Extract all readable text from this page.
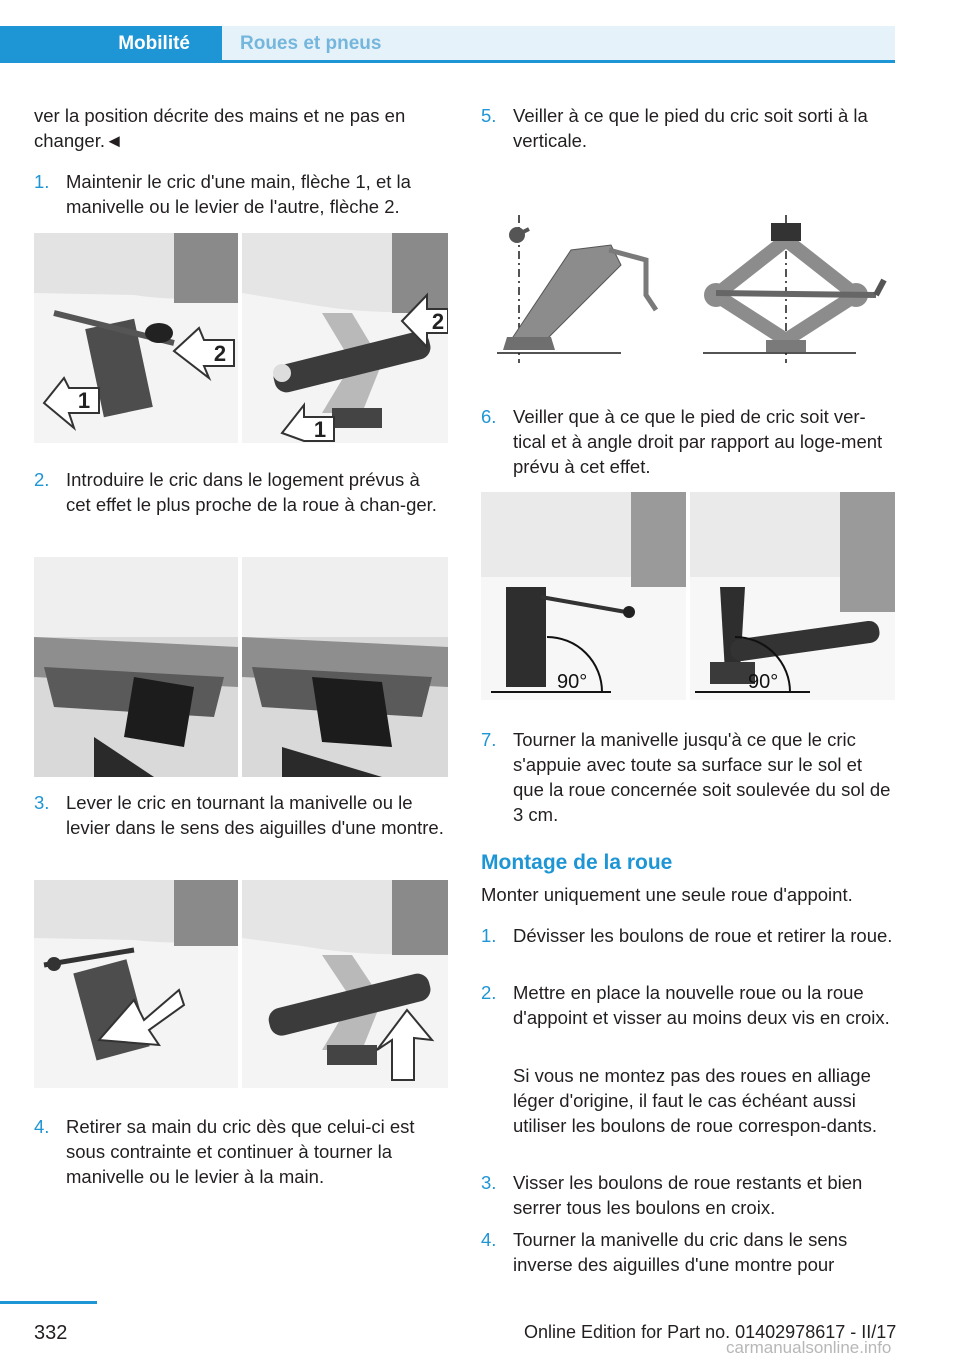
Mobilité	Roues et pneus
ver la position décrite des mains et ne pas en changer.◄
1. Maintenir le cric d'une main, flèche 1, et la manivelle ou le levier de l'autre, flèche 2.
2
1
2
1
2. Introduire le cric dans le logement prévus à cet effet le plus proche de la roue à chan-ger.
3. Lever le cric en tournant la manivelle ou le levier dans le sens des aiguilles d'une montre.
4. Retirer sa main du cric dès que celui-ci est sous contrainte et continuer à tourner la manivelle ou le levier à la main.
5. Veiller à ce que le pied du cric soit sorti à la verticale.
6. Veiller que à ce que le pied de cric soit ver-tical et à angle droit par rapport au loge-ment prévu à cet effet.
90°	90°
7. Tourner la manivelle jusqu'à ce que le cric s'appuie avec toute sa surface sur le sol et que la roue concernée soit soulevée du sol de 3 cm.
Montage de la roue
Monter uniquement une seule roue d'appoint.
1. Dévisser les boulons de roue et retirer la roue.
2. Mettre en place la nouvelle roue ou la roue d'appoint et visser au moins deux vis en croix.
Si vous ne montez pas des roues en alliage léger d'origine, il faut le cas échéant aussi utiliser les boulons de roue correspon-dants.
3. Visser les boulons de roue restants et bien serrer tous les boulons en croix.
4. Tourner la manivelle du cric dans le sens inverse des aiguilles d'une montre pour
332	Online Edition for Part no. 01402978617 - II/17
carmanualsonline.info
